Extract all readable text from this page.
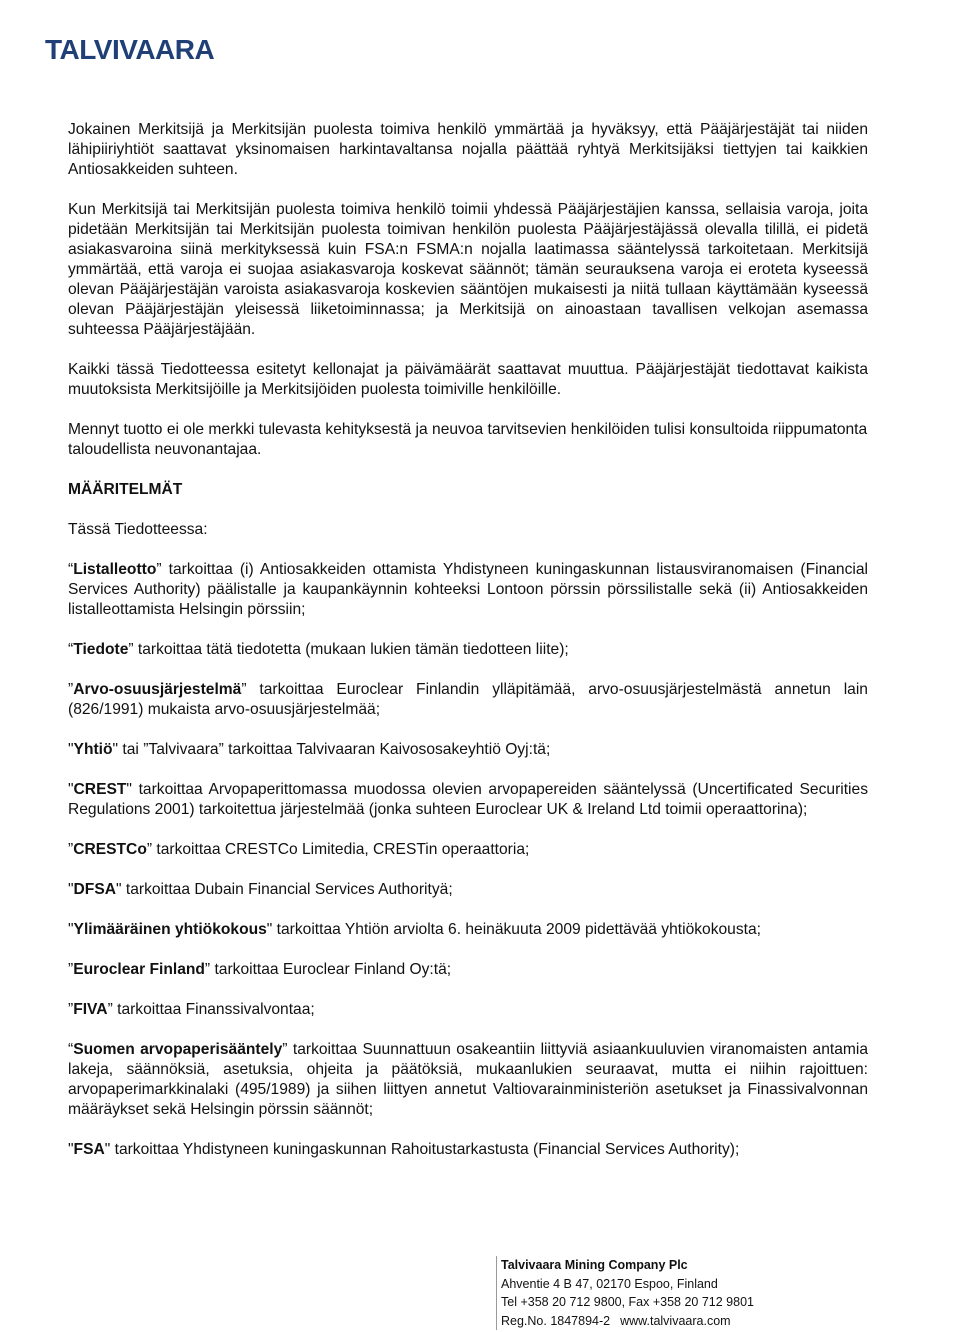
TALVIVAARA

Jokainen Merkitsijä ja Merkitsijän puolesta toimiva henkilö ymmärtää ja hyväksyy, että Pääjärjestäjät tai niiden lähipiiriyhtiöt saattavat yksinomaisen harkintavaltansa nojalla päättää ryhtyä Merkitsijäksi tiettyjen tai kaikkien Antiosakkeiden suhteen.

Kun Merkitsijä tai Merkitsijän puolesta toimiva henkilö toimii yhdessä Pääjärjestäjien kanssa, sellaisia varoja, joita pidetään Merkitsijän tai Merkitsijän puolesta toimivan henkilön puolesta Pääjärjestäjässä olevalla tilillä, ei pidetä asiakasvaroina siinä merkityksessä kuin FSA:n FSMA:n nojalla laatimassa sääntelyssä tarkoitetaan. Merkitsijä ymmärtää, että varoja ei suojaa asiakasvaroja koskevat säännöt; tämän seurauksena varoja ei eroteta kyseessä olevan Pääjärjestäjän varoista asiakasvaroja koskevien sääntöjen mukaisesti ja niitä tullaan käyttämään kyseessä olevan Pääjärjestäjän yleisessä liiketoiminnassa; ja Merkitsijä on ainoastaan tavallisen velkojan asemassa suhteessa Pääjärjestäjään.

Kaikki tässä Tiedotteessa esitetyt kellonajat ja päivämäärät saattavat muuttua. Pääjärjestäjät tiedottavat kaikista muutoksista Merkitsijöille ja Merkitsijöiden puolesta toimiville henkilöille.

Mennyt tuotto ei ole merkki tulevasta kehityksestä ja neuvoa tarvitsevien henkilöiden tulisi konsultoida riippumatonta taloudellista neuvonantajaa.

MÄÄRITELMÄT

Tässä Tiedotteessa:

“Listalleotto” tarkoittaa (i) Antiosakkeiden ottamista Yhdistyneen kuningaskunnan listausviranomaisen (Financial Services Authority) päälistalle ja kaupankäynnin kohteeksi Lontoon pörssin pörssilistalle sekä (ii) Antiosakkeiden listalleottamista Helsingin pörssiin;

“Tiedote” tarkoittaa tätä tiedotetta (mukaan lukien tämän tiedotteen liite);

”Arvo-osuusjärjestelmä” tarkoittaa Euroclear Finlandin ylläpitämää, arvo-osuusjärjestelmästä annetun lain (826/1991) mukaista arvo-osuusjärjestelmää;

"Yhtiö" tai ”Talvivaara” tarkoittaa Talvivaaran Kaivososakeyhtiö Oyj:tä;

"CREST" tarkoittaa Arvopaperittomassa muodossa olevien arvopapereiden sääntelyssä (Uncertificated Securities Regulations 2001) tarkoitettua järjestelmää (jonka suhteen Euroclear UK & Ireland Ltd toimii operaattorina);

”CRESTCo” tarkoittaa CRESTCo Limitedia, CRESTin operaattoria;

"DFSA" tarkoittaa Dubain Financial Services Authorityä;

"Ylimääräinen yhtiökokous" tarkoittaa Yhtiön arviolta 6. heinäkuuta 2009 pidettävää yhtiökokousta;

”Euroclear Finland” tarkoittaa Euroclear Finland Oy:tä;

”FIVA” tarkoittaa Finanssivalvontaa;

“Suomen arvopaperisääntely” tarkoittaa Suunnattuun osakeantiin liittyviä asiaankuuluvien viranomaisten antamia lakeja, säännöksiä, asetuksia, ohjeita ja päätöksiä, mukaanlukien seuraavat, mutta ei niihin rajoittuen: arvopaperimarkkinalaki (495/1989) ja siihen liittyen annetut Valtiovarainministeriön asetukset ja Finassivalvonnan määräykset sekä Helsingin pörssin säännöt;

"FSA" tarkoittaa Yhdistyneen kuningaskunnan Rahoitustarkastusta (Financial Services Authority);

Talvivaara Mining Company Plc
Ahventie 4 B 47, 02170 Espoo, Finland
Tel +358 20 712 9800, Fax +358 20 712 9801
Reg.No. 1847894-2 www.talvivaara.com
